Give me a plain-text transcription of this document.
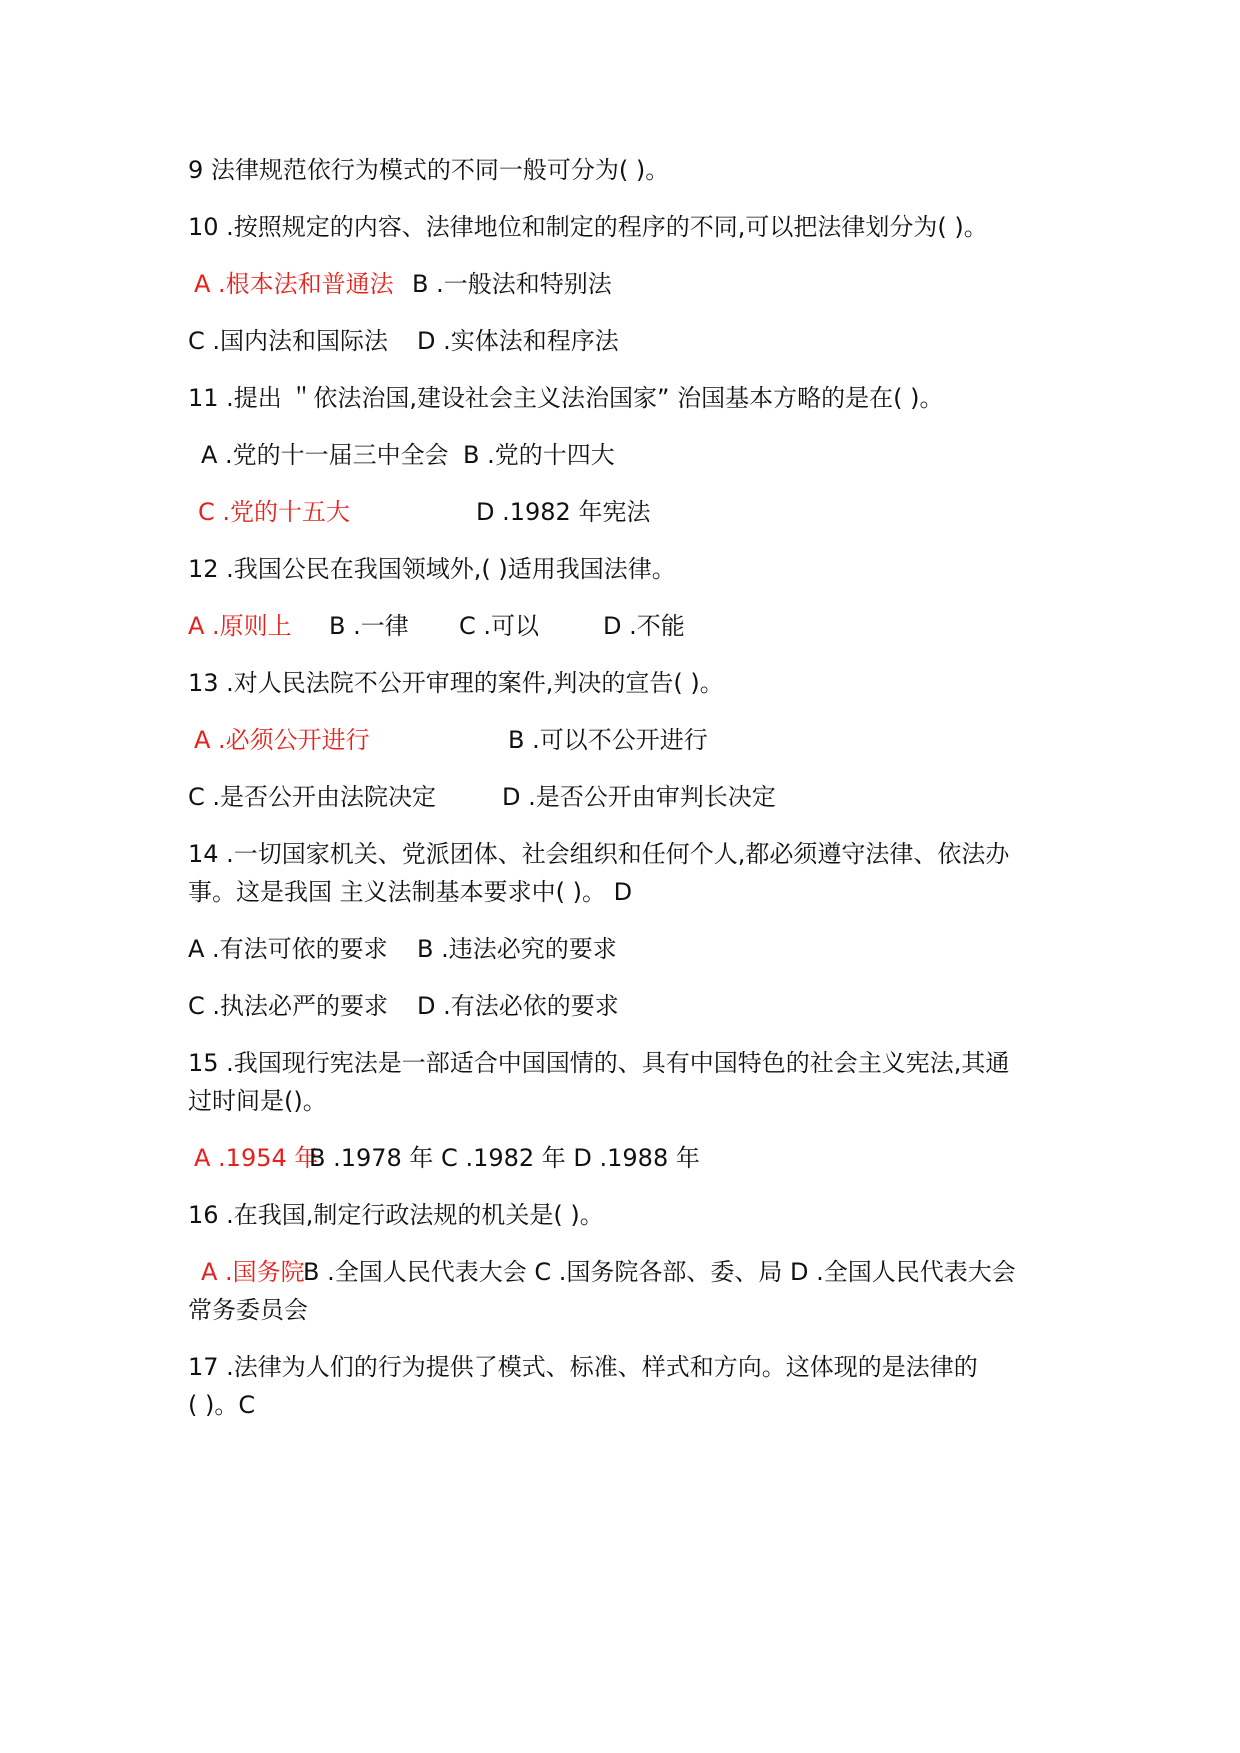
9 法律规范依行为模式的不同一般可分为( )。
10 .按照规定的内容、法律地位和制定的程序的不同,可以把法律划分为( )。
A .根本法和普通法 B .一般法和特别法
C .国内法和国际法 D .实体法和程序法
11 .提出 ＂依法治国,建设社会主义法治国家” 治国基本方略的是在( )。
A .党的十一届三中全会 B .党的十四大
C .党的十五大	D .1982 年宪法
12 .我国公民在我国领域外,( )适用我国法律。
A .原则上 B .一律 C .可以	D .不能
13 .对人民法院不公开审理的案件,判决的宣告( )。
A .必须公开进行	B .可以不公开进行
C .是否公开由法院决定	D .是否公开由审判长决定
14 .一切国家机关、党派团体、社会组织和任何个人,都必须遵守法律、依法办
事。这是我国 主义法制基本要求中( )。 D
A .有法可依的要求 B .违法必究的要求
C .执法必严的要求 D .有法必依的要求
15 .我国现行宪法是一部适合中国国情的、具有中国特色的社会主义宪法,其通
过时间是()。
A .1954 年
B .1978 年 C .1982 年 D .1988 年
16 .在我国,制定行政法规的机关是( )。
A .国务院
B .全国人民代表大会 C .国务院各部、委、局 D .全国人民代表大会
常务委员会
17 .法律为人们的行为提供了模式、标准、样式和方向。这体现的是法律的
( )。C
